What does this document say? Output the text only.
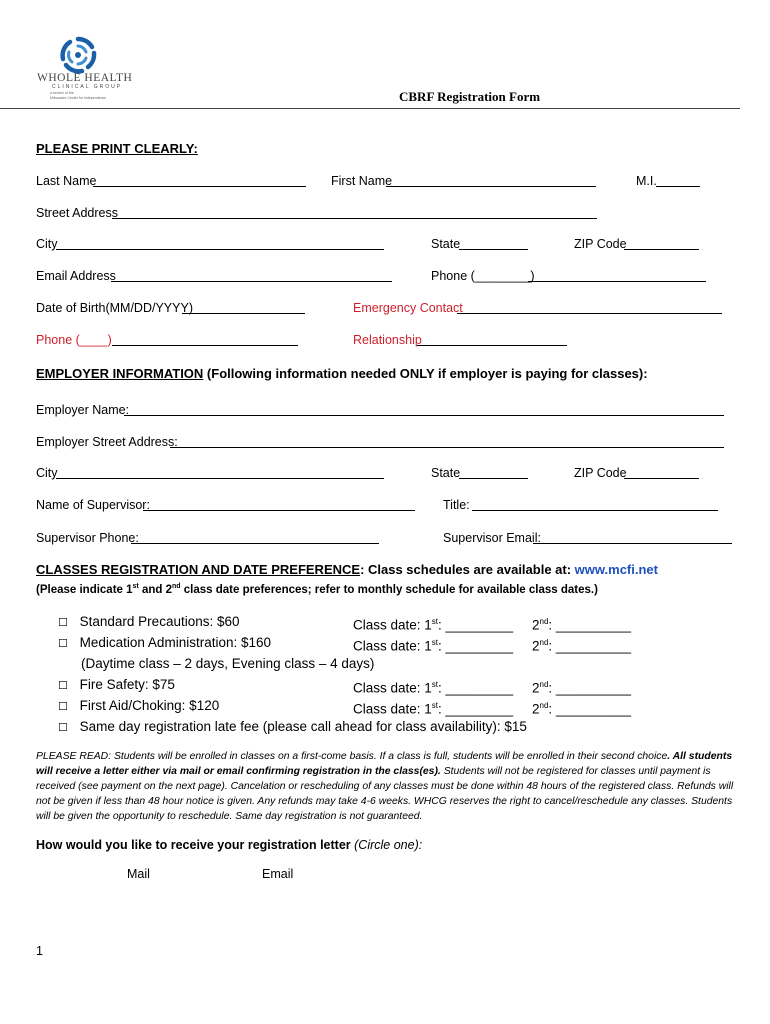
WHOLE HEALTH
CLINICAL GROUP
a service of the
Milwaukee Center for Independence	CBRF Registration Form
PLEASE PRINT CLEARLY:
Last Name	First Name	M.I.
Street Address
City	State	ZIP Code
Email Address	Phone (________)
Date of Birth(MM/DD/YYYY)	Emergency Contact
Phone (____)	Relationship
EMPLOYER INFORMATION (Following information needed ONLY if employer is paying for classes):
Employer Name:
Employer Street Address:
City	State	ZIP Code
Name of Supervisor:	Title:
Supervisor Phone:	Supervisor Email:
CLASSES REGISTRATION AND DATE PREFERENCE: Class schedules are available at: www.mcfi.net
(Please indicate 1st and 2nd class date preferences; refer to monthly schedule for available class dates.)
☐ Standard Precautions: $60	Class date: 1st: _________ 2nd: __________
☐ Medication Administration: $160	Class date: 1st: _________ 2nd: __________
(Daytime class – 2 days, Evening class – 4 days)
☐ Fire Safety: $75	Class date: 1st: _________ 2nd: __________
☐ First Aid/Choking: $120	Class date: 1st: _________ 2nd: __________
☐ Same day registration late fee (please call ahead for class availability): $15
PLEASE READ: Students will be enrolled in classes on a first-come basis. If a class is full, students will be enrolled in their second choice. All students
will receive a letter either via mail or email confirming registration in the class(es). Students will not be registered for classes until payment is
received (see payment on the next page). Cancelation or rescheduling of any classes must be done within 48 hours of the registered class. Refunds will
not be given if less than 48 hour notice is given. Any refunds may take 4-6 weeks. WHCG reserves the right to cancel/reschedule any classes. Students
will be given the opportunity to reschedule. Same day registration is not guaranteed.
How would you like to receive your registration letter (Circle one):
Mail	Email
1
